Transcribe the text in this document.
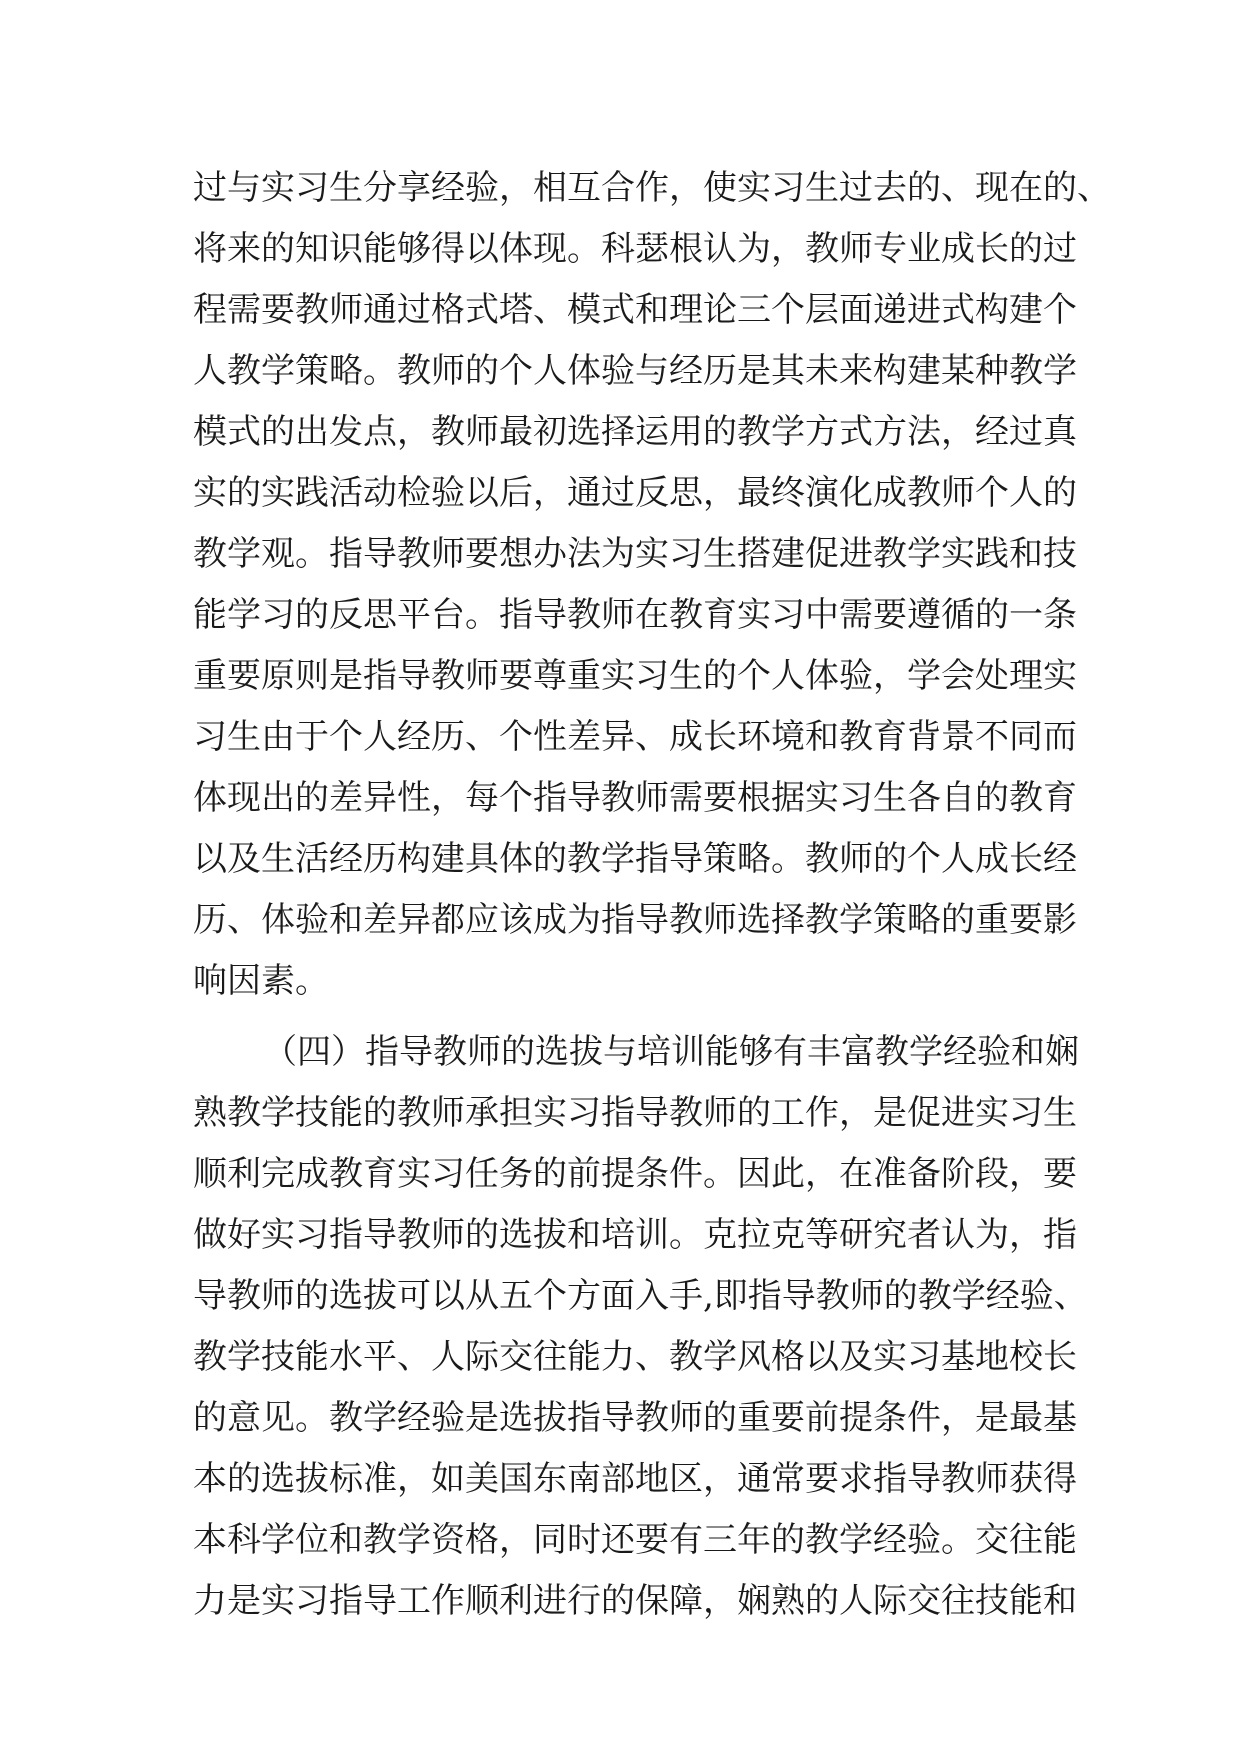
过与实习生分享经验，相互合作，使实习生过去的、现在的、
将来的知识能够得以体现。科瑟根认为，教师专业成长的过
程需要教师通过格式塔、模式和理论三个层面递进式构建个
人教学策略。教师的个人体验与经历是其未来构建某种教学
模式的出发点，教师最初选择运用的教学方式方法，经过真
实的实践活动检验以后，通过反思，最终演化成教师个人的
教学观。指导教师要想办法为实习生搭建促进教学实践和技
能学习的反思平台。指导教师在教育实习中需要遵循的一条
重要原则是指导教师要尊重实习生的个人体验，学会处理实
习生由于个人经历、个性差异、成长环境和教育背景不同而
体现出的差异性，每个指导教师需要根据实习生各自的教育
以及生活经历构建具体的教学指导策略。教师的个人成长经
历、体验和差异都应该成为指导教师选择教学策略的重要影
响因素。
（四）指导教师的选拔与培训能够有丰富教学经验和娴
熟教学技能的教师承担实习指导教师的工作，是促进实习生
顺利完成教育实习任务的前提条件。因此，在准备阶段，要
做好实习指导教师的选拔和培训。克拉克等研究者认为，指
导教师的选拔可以从五个方面入手,即指导教师的教学经验、
教学技能水平、人际交往能力、教学风格以及实习基地校长
的意见。教学经验是选拔指导教师的重要前提条件，是最基
本的选拔标准，如美国东南部地区，通常要求指导教师获得
本科学位和教学资格，同时还要有三年的教学经验。交往能
力是实习指导工作顺利进行的保障，娴熟的人际交往技能和
